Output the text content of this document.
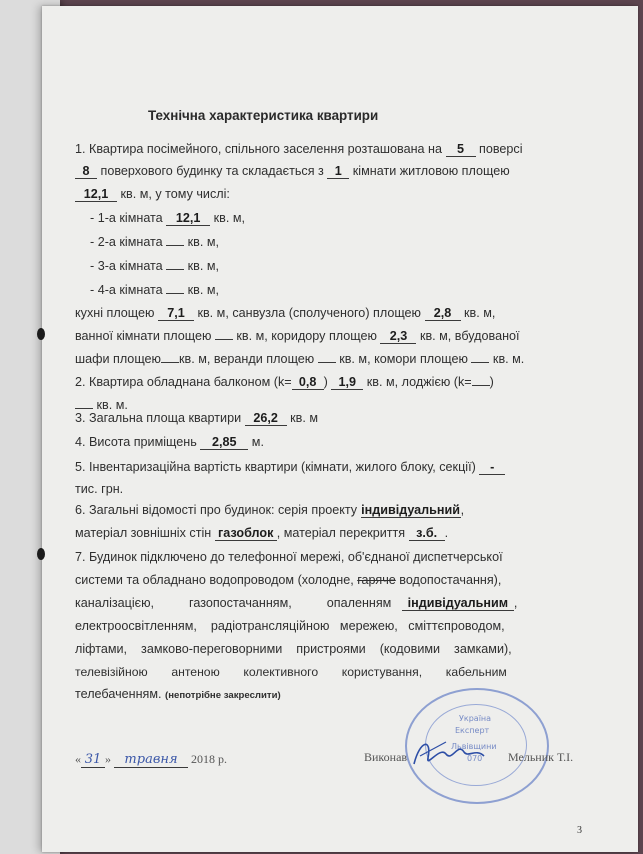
Технічна характеристика квартири
1. Квартира посімейного, спільного заселення розташована на 5 поверсі
8 поверхового будинку та складається з 1 кімнати житловою площею
12,1 кв. м, у тому числі:
- 1-а кімната 12,1 кв. м,
- 2-а кімната  кв. м,
- 3-а кімната  кв. м,
- 4-а кімната  кв. м,
кухні площею 7,1 кв. м, санвузла (сполученого) площею 2,8 кв. м,
ванної кімнати площею  кв. м, коридору площею 2,3 кв. м, вбудованої
шафи площею кв. м, веранди площею  кв. м, комори площею  кв. м.
2. Квартира обладнана балконом (k= 0,8 ) 1,9 кв. м, лоджією (k= )
кв. м.
3. Загальна площа квартири 26,2 кв. м
4. Висота приміщень 2,85 м.
5. Інвентаризаційна вартість квартири (кімнати, жилого блоку, секції) -
тис. грн.
6. Загальні відомості про будинок: серія проекту індивідуальний,
матеріал зовнішніх стін газоблок , матеріал перекриття з.б. .
7. Будинок підключено до телефонної мережі, об'єднаної диспетчерської
системи та обладнано водопроводом (холодне, гаряче водопостачання),
каналізацією,          газопостачанням,          опаленням індивідуальним ,
електроосвітленням,    радіотрансляційною   мережею,   сміттєпроводом,
ліфтами,    замково-переговорними    пристроями    (кодовими    замками),
телевізійною       антеною       колективного       користування,       кабельним
телебаченням. (непотрібне закреслити)
Україна
Експерт
Львівщини
070
« 31 » травня 2018 р.	Виконав	Мельник Т.І.
3
